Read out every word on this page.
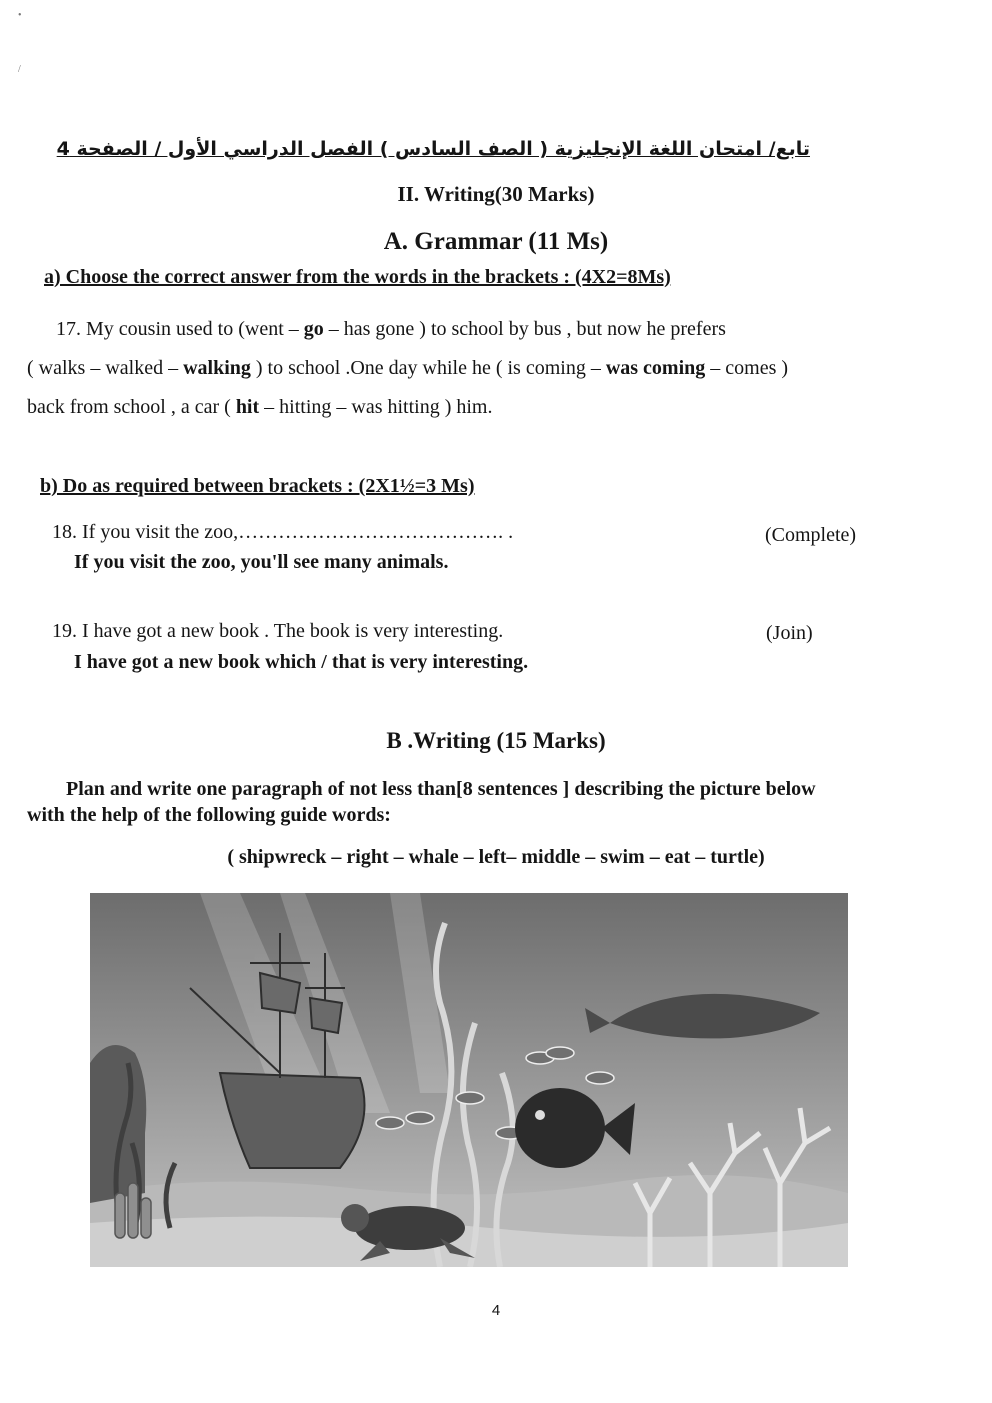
•
/
تابع/ امتحان اللغة الإنجليزية ( الصف السادس ) الفصل الدراسي الأول / الصفحة 4
II. Writing(30 Marks)
A. Grammar (11 Ms)
a) Choose the correct answer from the words in the brackets : (4X2=8Ms)
17. My cousin used to (went – go – has gone ) to school by bus , but now he prefers
( walks – walked – walking ) to school .One day while he ( is coming – was coming – comes )
back from school , a car ( hit – hitting – was hitting ) him.
b) Do as required between brackets : (2X1½=3 Ms)
18. If you visit the zoo,…………………………………. .	(Complete)
If you visit the zoo, you'll see many animals.
19. I have got a new book . The book is very interesting.	(Join)
I have got a new book which / that is very interesting.
B .Writing (15 Marks)
Plan and write one paragraph of not less than[8 sentences ] describing the picture below
with the help of the following guide words:
( shipwreck – right – whale – left– middle – swim – eat – turtle)
4
